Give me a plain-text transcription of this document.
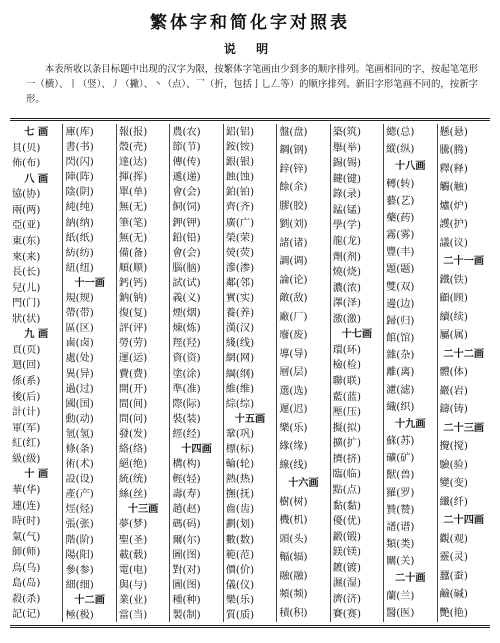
繁体字和简化字对照表
说 明

本表所收以条目标题中出现的汉字为限，按繁体字笔画由少到多的顺序排列。笔画相同的字，按起笔笔形一（横）、丨（竖）、丿（撇）、丶（点）、乛（折，包括亅乚𠃋等）的顺序排列。新旧字形笔画不同的，按新字形。

七 画
貝(贝)
佈(布)
八 画
協(协)
兩(两)
亞(亚)
東(东)
來(来)
長(长)
兒(儿)
門(门)
狀(状)
九 画
頁(页)
迴(回)
係(系)
後(后)
計(计)
軍(军)
紅(红)
級(级)
十 画
華(华)
連(连)
時(时)
氣(气)
師(师)
烏(乌)
島(岛)
殺(杀)
記(记)
庫(库)
書(书)
閃(闪)
陣(阵)
陰(阴)
純(纯)
納(纳)
紙(纸)
紡(纺)
紐(纽)
十一画
規(规)
帶(带)
區(区)
鹵(卤)
處(处)
異(异)
過(过)
國(国)
動(动)
氫(氢)
條(条)
術(术)
設(设)
產(产)
烴(烃)
張(张)
階(阶)
陽(阳)
參(参)
細(细)
十二画
極(极)
報(报)
殼(壳)
達(达)
揮(挥)
單(单)
無(无)
筆(笔)
無(无)
備(备)
順(顺)
鈣(钙)
鈉(钠)
復(复)
評(评)
勞(劳)
運(运)
費(费)
開(开)
間(间)
問(问)
發(发)
絡(络)
絕(绝)
統(统)
絲(丝)
十三画
夢(梦)
聖(圣)
載(载)
電(电)
與(与)
業(业)
當(当)
農(农)
節(节)
傳(传)
遞(递)
會(会)
飼(饲)
鉀(钾)
鉛(铅)
會(会)
腦(脑)
試(试)
義(义)
煙(烟)
煉(炼)
羥(羟)
資(资)
塗(涂)
準(准)
際(际)
裝(装)
經(经)
十四画
構(构)
輕(轻)
壽(寿)
趙(赵)
碼(码)
爾(尔)
圖(图)
對(对)
圖(图)
種(种)
製(制)
鋁(铝)
銨(铵)
銀(银)
蝕(蚀)
鉑(铂)
齊(齐)
廣(广)
榮(荣)
熒(荧)
滲(渗)
鄰(邻)
實(实)
養(养)
漢(汉)
綫(线)
網(网)
綱(纲)
維(维)
綜(综)
十五画
鞏(巩)
標(标)
輪(轮)
熱(热)
撫(抚)
齒(齿)
劃(划)
數(数)
範(范)
價(价)
儀(仪)
樂(乐)
質(质)
盤(盘)
鋼(钢)
鋅(锌)
餘(余)
膠(胶)
劉(刘)
諸(诸)
調(调)
論(论)
敵(敌)
廠(厂)
廢(废)
導(导)
層(层)
選(选)
遲(迟)
樂(乐)
緣(缘)
線(线)
十六画
樹(树)
機(机)
頭(头)
輻(辐)
融(融)
頻(频)
積(积)
築(筑)
舉(举)
錫(锡)
鍵(键)
錄(录)
錳(锰)
學(学)
龍(龙)
劑(剂)
燒(烧)
濃(浓)
澤(泽)
激(激)
十七画
環(环)
檢(检)
聯(联)
藍(蓝)
壓(压)
擬(拟)
擴(扩)
擠(挤)
臨(临)
點(点)
黏(黏)
優(优)
鍛(锻)
鎂(镁)
鍍(镀)
濕(湿)
濟(济)
賽(赛)
總(总)
縱(纵)
十八画
轉(转)
藝(艺)
藥(药)
霧(雾)
豐(丰)
題(题)
雙(双)
邊(边)
歸(归)
館(馆)
雜(杂)
離(离)
濾(滤)
織(织)
十九画
蘇(苏)
礦(矿)
獸(兽)
羅(罗)
贊(赞)
譜(谱)
類(类)
關(关)
二十画
蘭(兰)
醫(医)
懸(悬)
騰(腾)
釋(释)
觸(触)
爐(炉)
護(护)
議(议)
二十一画
鐵(铁)
顧(顾)
續(续)
屬(属)
二十二画
體(体)
巖(岩)
鑄(铸)
二十三画
攪(搅)
驗(验)
變(变)
纖(纤)
二十四画
觀(观)
靈(灵)
蠶(蚕)
鹼(碱)
艷(艳)
